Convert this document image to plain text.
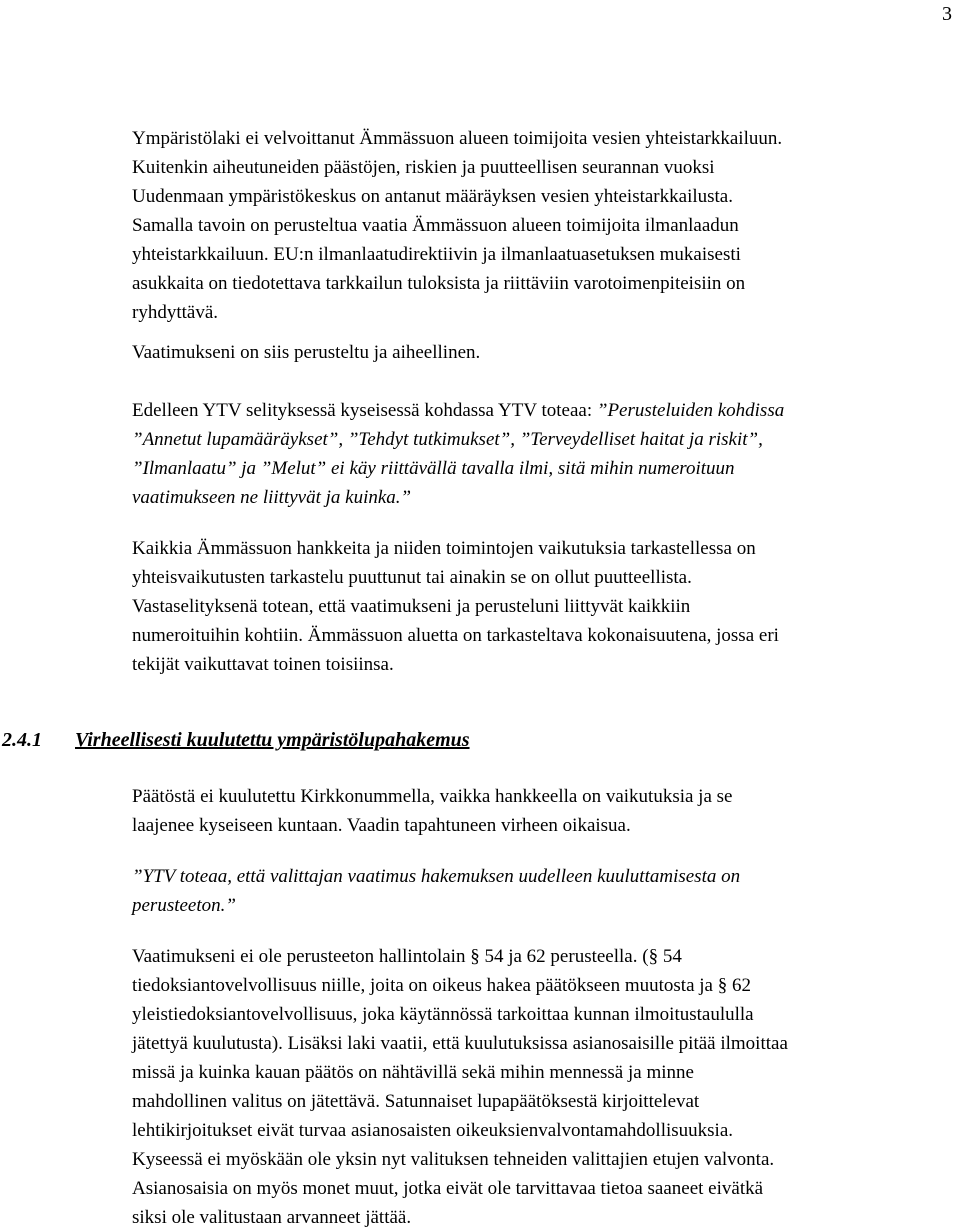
3

Ympäristölaki ei velvoittanut Ämmässuon alueen toimijoita vesien yhteistarkkailuun.
Kuitenkin aiheutuneiden päästöjen, riskien ja puutteellisen seurannan vuoksi
Uudenmaan ympäristökeskus on antanut määräyksen vesien yhteistarkkailusta.
Samalla tavoin on perusteltua vaatia Ämmässuon alueen toimijoita ilmanlaadun
yhteistarkkailuun. EU:n ilmanlaatudirektiivin ja ilmanlaatuasetuksen mukaisesti
asukkaita on tiedotettava tarkkailun tuloksista ja riittäviin varotoimenpiteisiin on
ryhdyttävä.

Vaatimukseni on siis perusteltu ja aiheellinen.

Edelleen YTV selityksessä kyseisessä kohdassa YTV toteaa: ”Perusteluiden kohdissa
”Annetut lupamääräykset”, ”Tehdyt tutkimukset”, ”Terveydelliset haitat ja riskit”,
”Ilmanlaatu” ja ”Melut” ei käy riittävällä tavalla ilmi, sitä mihin numeroituun
vaatimukseen ne liittyvät ja kuinka.”

Kaikkia Ämmässuon hankkeita ja niiden toimintojen vaikutuksia tarkastellessa on
yhteisvaikutusten tarkastelu puuttunut tai ainakin se on ollut puutteellista.
Vastaselityksenä totean, että vaatimukseni ja perusteluni liittyvät kaikkiin
numeroituihin kohtiin. Ämmässuon aluetta on tarkasteltava kokonaisuutena, jossa eri
tekijät vaikuttavat toinen toisiinsa.

2.4.1 Virheellisesti kuulutettu ympäristölupahakemus

Päätöstä ei kuulutettu Kirkkonummella, vaikka hankkeella on vaikutuksia ja se
laajenee kyseiseen kuntaan. Vaadin tapahtuneen virheen oikaisua.

”YTV toteaa, että valittajan vaatimus hakemuksen uudelleen kuuluttamisesta on
perusteeton.”

Vaatimukseni ei ole perusteeton hallintolain § 54 ja 62 perusteella. (§ 54
tiedoksiantovelvollisuus niille, joita on oikeus hakea päätökseen muutosta ja § 62
yleistiedoksiantovelvollisuus, joka käytännössä tarkoittaa kunnan ilmoitustaululla
jätettyä kuulutusta). Lisäksi laki vaatii, että kuulutuksissa asianosaisille pitää ilmoittaa
missä ja kuinka kauan päätös on nähtävillä sekä mihin mennessä ja minne
mahdollinen valitus on jätettävä. Satunnaiset lupapäätöksestä kirjoittelevat
lehtikirjoitukset eivät turvaa asianosaisten oikeuksienvalvontamahdollisuuksia.
Kyseessä ei myöskään ole yksin nyt valituksen tehneiden valittajien etujen valvonta.
Asianosaisia on myös monet muut, jotka eivät ole tarvittavaa tietoa saaneet eivätkä
siksi ole valitustaan arvanneet jättää.
